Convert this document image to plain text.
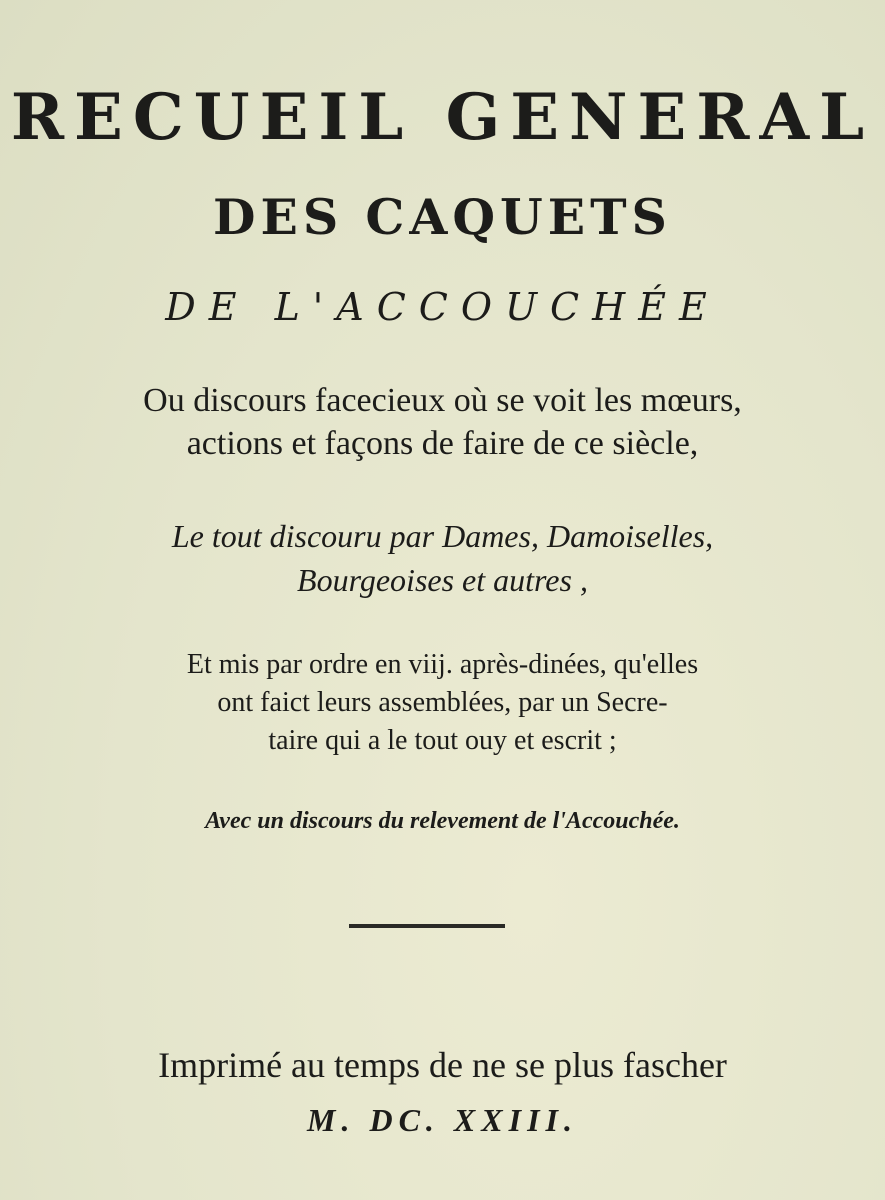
RECUEIL GENERAL
DES CAQUETS
DE L'ACCOUCHÉE
Ou discours facecieux où se voit les mœurs,
actions et façons de faire de ce siècle,
Le tout discouru par Dames, Damoiselles,
Bourgeoises et autres ,
Et mis par ordre en viij. après-dinées, qu'elles
ont faict leurs assemblées, par un Secre-
taire qui a le tout ouy et escrit ;
Avec un discours du relevement de l'Accouchée.
Imprimé au temps de ne se plus fascher
M. DC. XXIII.
